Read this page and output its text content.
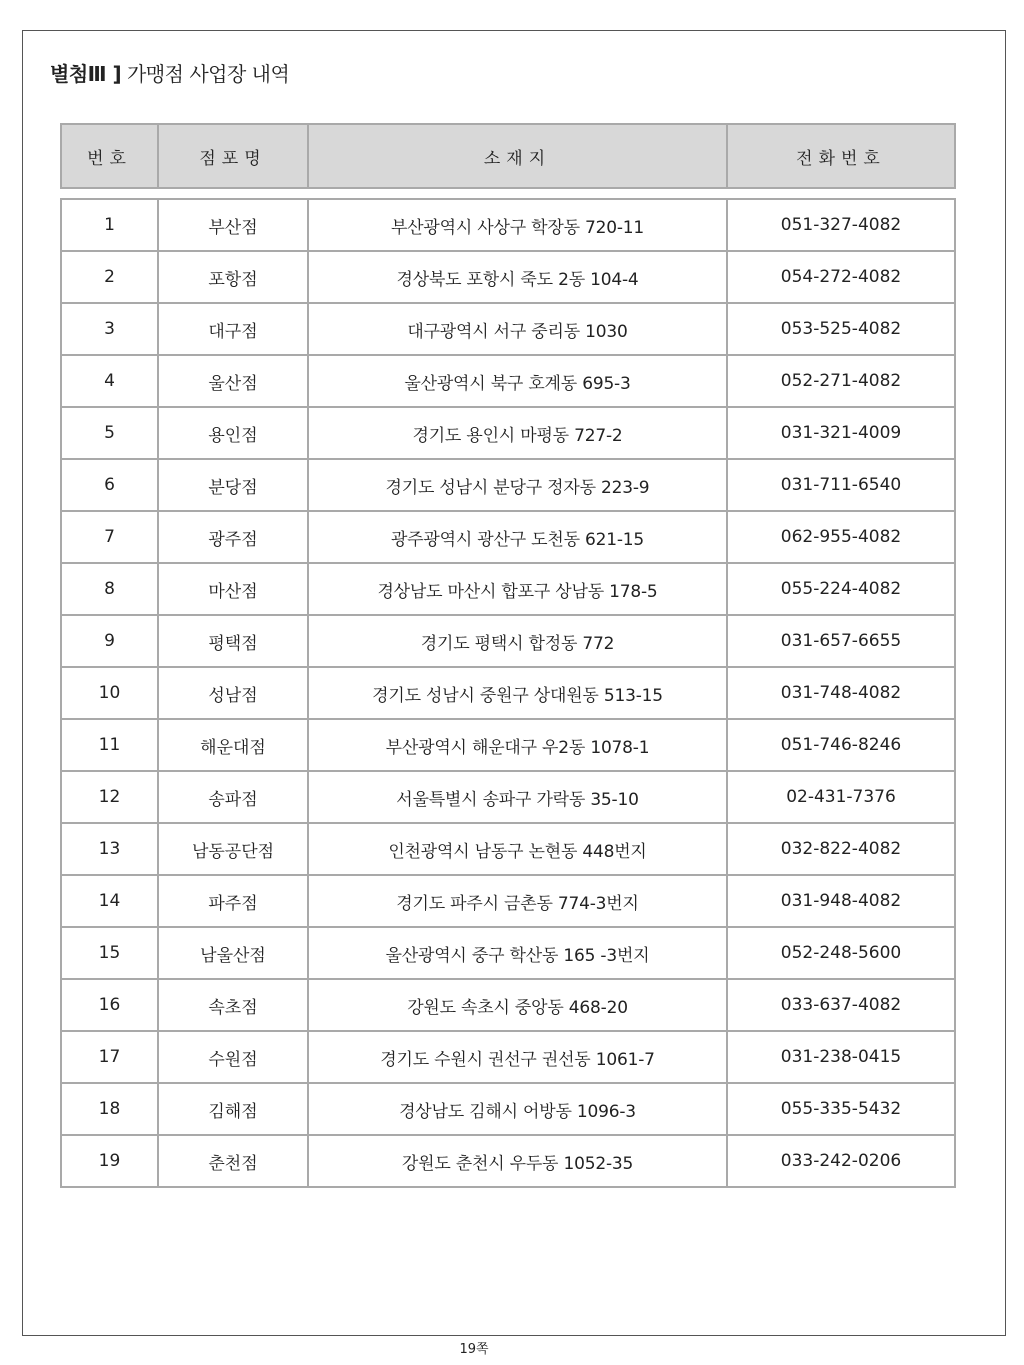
별첨Ⅲ ] 가맹점 사업장 내역
번호	점포명	소재지	전화번호
1	부산점	부산광역시 사상구 학장동 720-11	051-327-4082
2	포항점	경상북도 포항시 죽도 2동 104-4	054-272-4082
3	대구점	대구광역시 서구 중리동 1030	053-525-4082
4	울산점	울산광역시 북구 호계동 695-3	052-271-4082
5	용인점	경기도 용인시 마평동 727-2	031-321-4009
6	분당점	경기도 성남시 분당구 정자동 223-9	031-711-6540
7	광주점	광주광역시 광산구 도천동 621-15	062-955-4082
8	마산점	경상남도 마산시 합포구 상남동 178-5	055-224-4082
9	평택점	경기도 평택시 합정동 772	031-657-6655
10	성남점	경기도 성남시 중원구 상대원동 513-15	031-748-4082
11	해운대점	부산광역시 해운대구 우2동 1078-1	051-746-8246
12	송파점	서울특별시 송파구 가락동 35-10	02-431-7376
13	남동공단점	인천광역시 남동구 논현동 448번지	032-822-4082
14	파주점	경기도 파주시 금촌동 774-3번지	031-948-4082
15	남울산점	울산광역시 중구 학산동 165 -3번지	052-248-5600
16	속초점	강원도 속초시 중앙동 468-20	033-637-4082
17	수원점	경기도 수원시 권선구 권선동 1061-7	031-238-0415
18	김해점	경상남도 김해시 어방동 1096-3	055-335-5432
19	춘천점	강원도 춘천시 우두동 1052-35	033-242-0206
19쪽
